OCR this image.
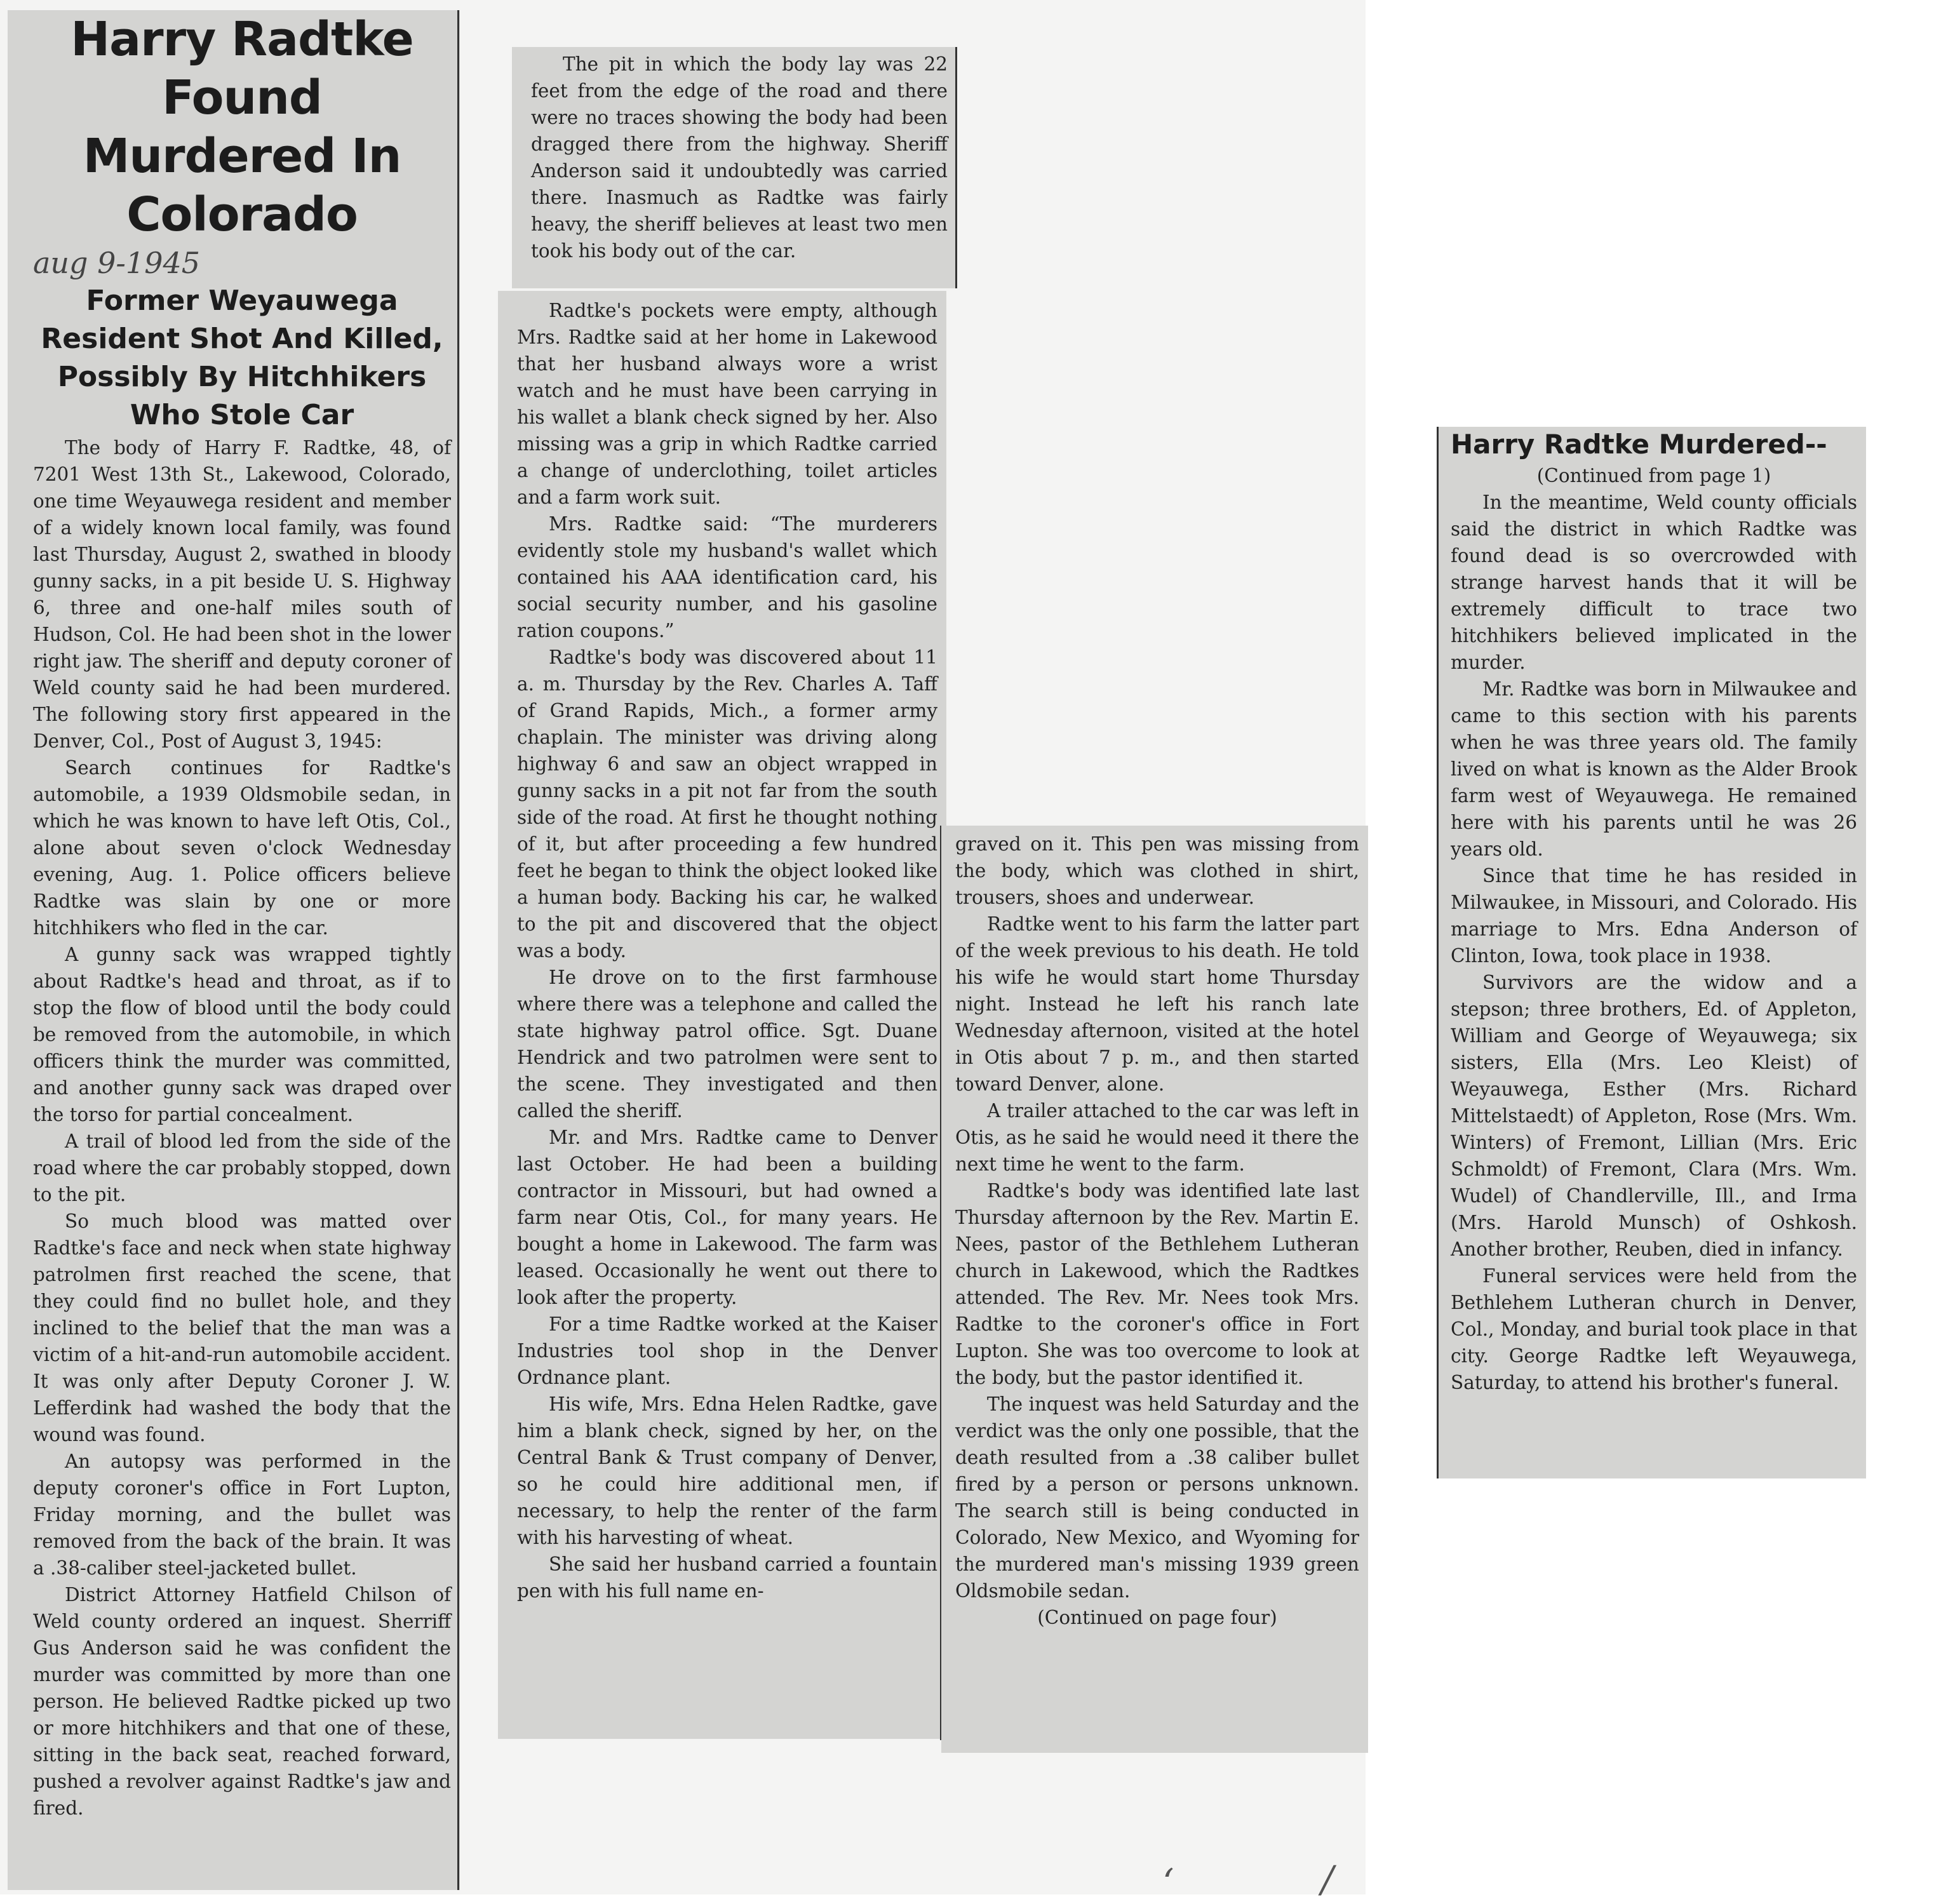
Harry Radtke Found Murdered In Colorado

aug 9-1945

Former Weyauwega Resident Shot And Killed, Possibly By Hitchhikers Who Stole Car

The body of Harry F. Radtke, 48, of 7201 West 13th St., Lakewood, Colorado, one time Weyauwega resident and member of a widely known local family, was found last Thursday, August 2, swathed in bloody gunny sacks, in a pit beside U. S. Highway 6, three and one-half miles south of Hudson, Col. He had been shot in the lower right jaw. The sheriff and deputy coroner of Weld county said he had been murdered. The following story first appeared in the Denver, Col., Post of August 3, 1945:

Search continues for Radtke's automobile, a 1939 Oldsmobile sedan, in which he was known to have left Otis, Col., alone about seven o'clock Wednesday evening, Aug. 1. Police officers believe Radtke was slain by one or more hitchhikers who fled in the car.

A gunny sack was wrapped tightly about Radtke's head and throat, as if to stop the flow of blood until the body could be removed from the automobile, in which officers think the murder was committed, and another gunny sack was draped over the torso for partial concealment.

A trail of blood led from the side of the road where the car probably stopped, down to the pit.

So much blood was matted over Radtke's face and neck when state highway patrolmen first reached the scene, that they could find no bullet hole, and they inclined to the belief that the man was a victim of a hit-and-run automobile accident. It was only after Deputy Coroner J. W. Lefferdink had washed the body that the wound was found.

An autopsy was performed in the deputy coroner's office in Fort Lupton, Friday morning, and the bullet was removed from the back of the brain. It was a .38-caliber steel-jacketed bullet.

District Attorney Hatfield Chilson of Weld county ordered an inquest. Sherriff Gus Anderson said he was confident the murder was committed by more than one person. He believed Radtke picked up two or more hitchhikers and that one of these, sitting in the back seat, reached forward, pushed a revolver against Radtke's jaw and fired.

The pit in which the body lay was 22 feet from the edge of the road and there were no traces showing the body had been dragged there from the highway. Sheriff Anderson said it undoubtedly was carried there. Inasmuch as Radtke was fairly heavy, the sheriff believes at least two men took his body out of the car.

Radtke's pockets were empty, although Mrs. Radtke said at her home in Lakewood that her husband always wore a wrist watch and he must have been carrying in his wallet a blank check signed by her. Also missing was a grip in which Radtke carried a change of underclothing, toilet articles and a farm work suit.

Mrs. Radtke said: “The murderers evidently stole my husband's wallet which contained his AAA identification card, his social security number, and his gasoline ration coupons.”

Radtke's body was discovered about 11 a. m. Thursday by the Rev. Charles A. Taff of Grand Rapids, Mich., a former army chaplain. The minister was driving along highway 6 and saw an object wrapped in gunny sacks in a pit not far from the south side of the road. At first he thought nothing of it, but after proceeding a few hundred feet he began to think the object looked like a human body. Backing his car, he walked to the pit and discovered that the object was a body.

He drove on to the first farmhouse where there was a telephone and called the state highway patrol office. Sgt. Duane Hendrick and two patrolmen were sent to the scene. They investigated and then called the sheriff.

Mr. and Mrs. Radtke came to Denver last October. He had been a building contractor in Missouri, but had owned a farm near Otis, Col., for many years. He bought a home in Lakewood. The farm was leased. Occasionally he went out there to look after the property.

For a time Radtke worked at the Kaiser Industries tool shop in the Denver Ordnance plant.

His wife, Mrs. Edna Helen Radtke, gave him a blank check, signed by her, on the Central Bank & Trust company of Denver, so he could hire additional men, if necessary, to help the renter of the farm with his harvesting of wheat.

She said her husband carried a fountain pen with his full name en-

graved on it. This pen was missing from the body, which was clothed in shirt, trousers, shoes and underwear.

Radtke went to his farm the latter part of the week previous to his death. He told his wife he would start home Thursday night. Instead he left his ranch late Wednesday afternoon, visited at the hotel in Otis about 7 p. m., and then started toward Denver, alone.

A trailer attached to the car was left in Otis, as he said he would need it there the next time he went to the farm.

Radtke's body was identified late last Thursday afternoon by the Rev. Martin E. Nees, pastor of the Bethlehem Lutheran church in Lakewood, which the Radtkes attended. The Rev. Mr. Nees took Mrs. Radtke to the coroner's office in Fort Lupton. She was too overcome to look at the body, but the pastor identified it.

The inquest was held Saturday and the verdict was the only one possible, that the death resulted from a .38 caliber bullet fired by a person or persons unknown. The search still is being conducted in Colorado, New Mexico, and Wyoming for the murdered man's missing 1939 green Oldsmobile sedan.

(Continued on page four)

Harry Radtke Murdered--

(Continued from page 1)

In the meantime, Weld county officials said the district in which Radtke was found dead is so overcrowded with strange harvest hands that it will be extremely difficult to trace two hitchhikers believed implicated in the murder.

Mr. Radtke was born in Milwaukee and came to this section with his parents when he was three years old. The family lived on what is known as the Alder Brook farm west of Weyauwega. He remained here with his parents until he was 26 years old.

Since that time he has resided in Milwaukee, in Missouri, and Colorado. His marriage to Mrs. Edna Anderson of Clinton, Iowa, took place in 1938.

Survivors are the widow and a stepson; three brothers, Ed. of Appleton, William and George of Weyauwega; six sisters, Ella (Mrs. Leo Kleist) of Weyauwega, Esther (Mrs. Richard Mittelstaedt) of Appleton, Rose (Mrs. Wm. Winters) of Fremont, Lillian (Mrs. Eric Schmoldt) of Fremont, Clara (Mrs. Wm. Wudel) of Chandlerville, Ill., and Irma (Mrs. Harold Munsch) of Oshkosh. Another brother, Reuben, died in infancy.

Funeral services were held from the Bethlehem Lutheran church in Denver, Col., Monday, and burial took place in that city. George Radtke left Weyauwega, Saturday, to attend his brother's funeral.

ʻ	/
